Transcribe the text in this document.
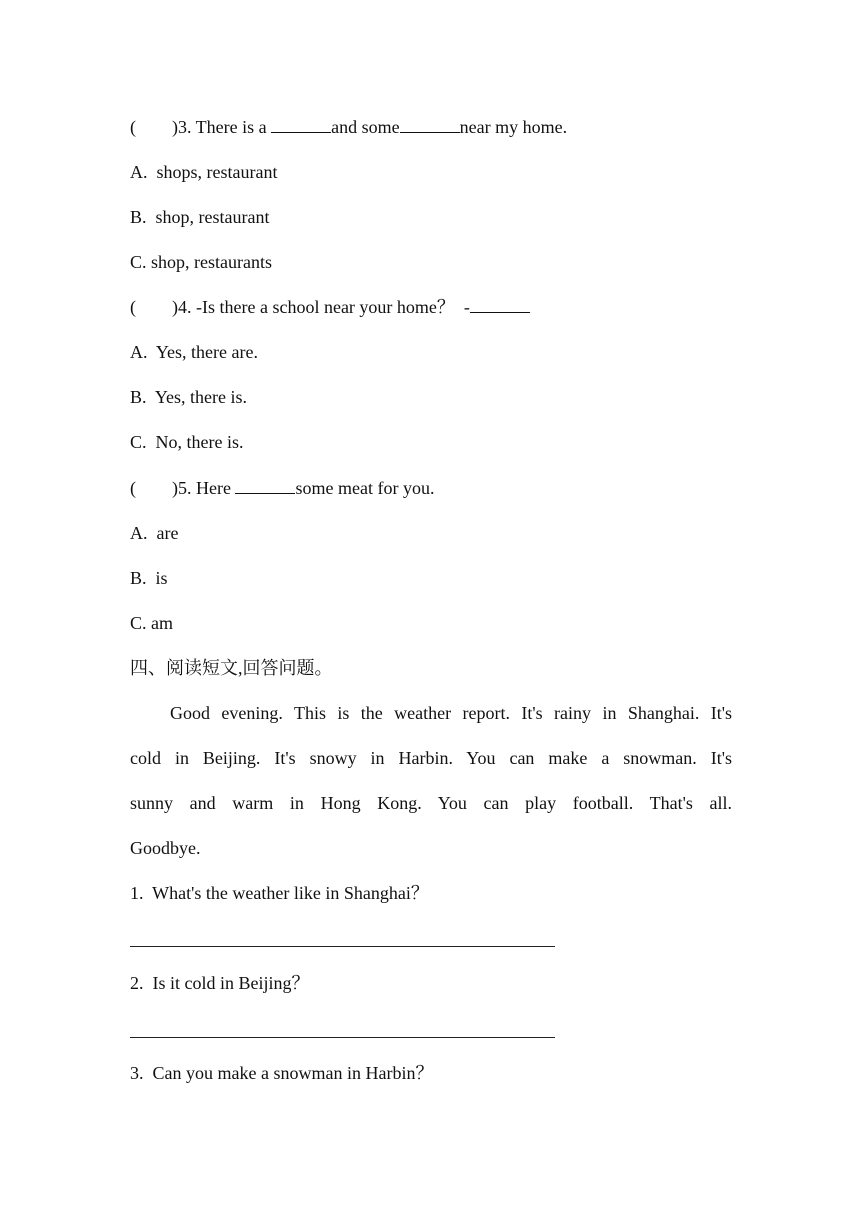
( )3. There is a	and some	near my home.
A.  shops, restaurant
B.  shop, restaurant
C. shop, restaurants
( )4. -Is there a school near your home？  -
A.  Yes, there are.
B.  Yes, there is.
C.  No, there is.
( )5. Here	some meat for you.
A.  are
B.  is
C. am
四、阅读短文,回答问题。
Good evening. This is the weather report. It's rainy in Shanghai. It's
cold in Beijing. It's snowy in Harbin. You can make a snowman. It's
sunny and warm in Hong Kong. You can play football. That's all.
Goodbye.
1.  What's the weather like in Shanghai？
2.  Is it cold in Beijing？
3.  Can you make a snowman in Harbin？
